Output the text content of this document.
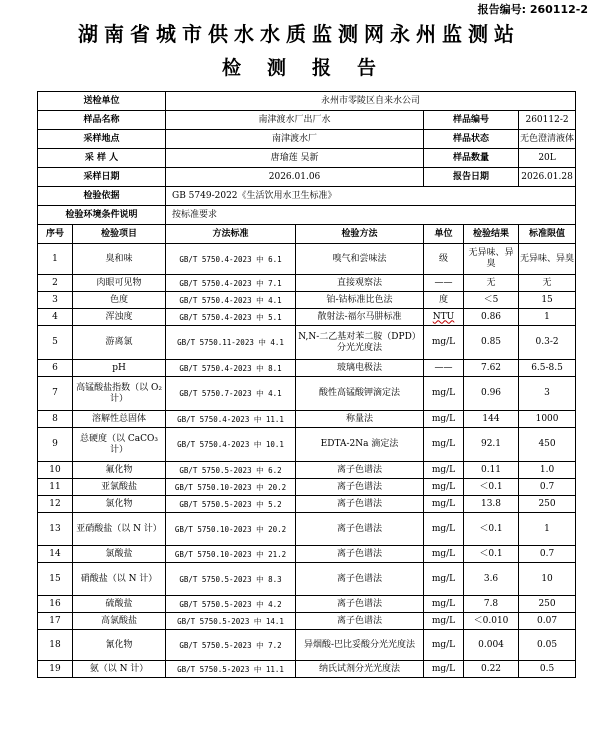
报告编号: 260112-2
湖南省城市供水水质监测网永州监测站
检测报告
送检单位		永州市零陵区自来水公司				
样品名称		南津渡水厂出厂水		样品编号		260112-2
采样地点		南津渡水厂		样品状态		无色澄清液体
采 样 人		唐瑜莲 吴新		样品数量		20L
采样日期		2026.01.06		报告日期		2026.01.28
检验依据		GB 5749-2022《生活饮用水卫生标准》				
检验环境条件说明		按标准要求				
序号	检验项目	方法标准	检验方法	单位	检验结果	标准限值
1	臭和味	GB/T 5750.4-2023 中 6.1	嗅气和尝味法	级	无异味、异臭	无异味、异臭
2	肉眼可见物	GB/T 5750.4-2023 中 7.1	直接观察法	——	无	无
3	色度	GB/T 5750.4-2023 中 4.1	铂-钴标准比色法	度	＜5	15
4	浑浊度	GB/T 5750.4-2023 中 5.1	散射法-福尔马肼标准	NTU	0.86	1
5	游离氯	GB/T 5750.11-2023 中 4.1	N,N-二乙基对苯二胺（DPD）分光光度法	mg/L	0.85	0.3-2
6	pH	GB/T 5750.4-2023 中 8.1	玻璃电极法	——	7.62	6.5-8.5
7	高锰酸盐指数（以 O₂计）	GB/T 5750.7-2023 中 4.1	酸性高锰酸钾滴定法	mg/L	0.96	3
8	溶解性总固体	GB/T 5750.4-2023 中 11.1	称量法	mg/L	144	1000
9	总硬度（以 CaCO₃计）	GB/T 5750.4-2023 中 10.1	EDTA-2Na 滴定法	mg/L	92.1	450
10	氟化物	GB/T 5750.5-2023 中 6.2	离子色谱法	mg/L	0.11	1.0
11	亚氯酸盐	GB/T 5750.10-2023 中 20.2	离子色谱法	mg/L	＜0.1	0.7
12	氯化物	GB/T 5750.5-2023 中 5.2	离子色谱法	mg/L	13.8	250
13	亚硝酸盐（以 N 计）	GB/T 5750.10-2023 中 20.2	离子色谱法	mg/L	＜0.1	1
14	氯酸盐	GB/T 5750.10-2023 中 21.2	离子色谱法	mg/L	＜0.1	0.7
15	硝酸盐（以 N 计）	GB/T 5750.5-2023 中 8.3	离子色谱法	mg/L	3.6	10
16	硫酸盐	GB/T 5750.5-2023 中 4.2	离子色谱法	mg/L	7.8	250
17	高氯酸盐	GB/T 5750.5-2023 中 14.1	离子色谱法	mg/L	＜0.010	0.07
18	氰化物	GB/T 5750.5-2023 中 7.2	异烟酸-巴比妥酸分光光度法	mg/L	0.004	0.05
19	氨（以 N 计）	GB/T 5750.5-2023 中 11.1	纳氏试剂分光光度法	mg/L	0.22	0.5
